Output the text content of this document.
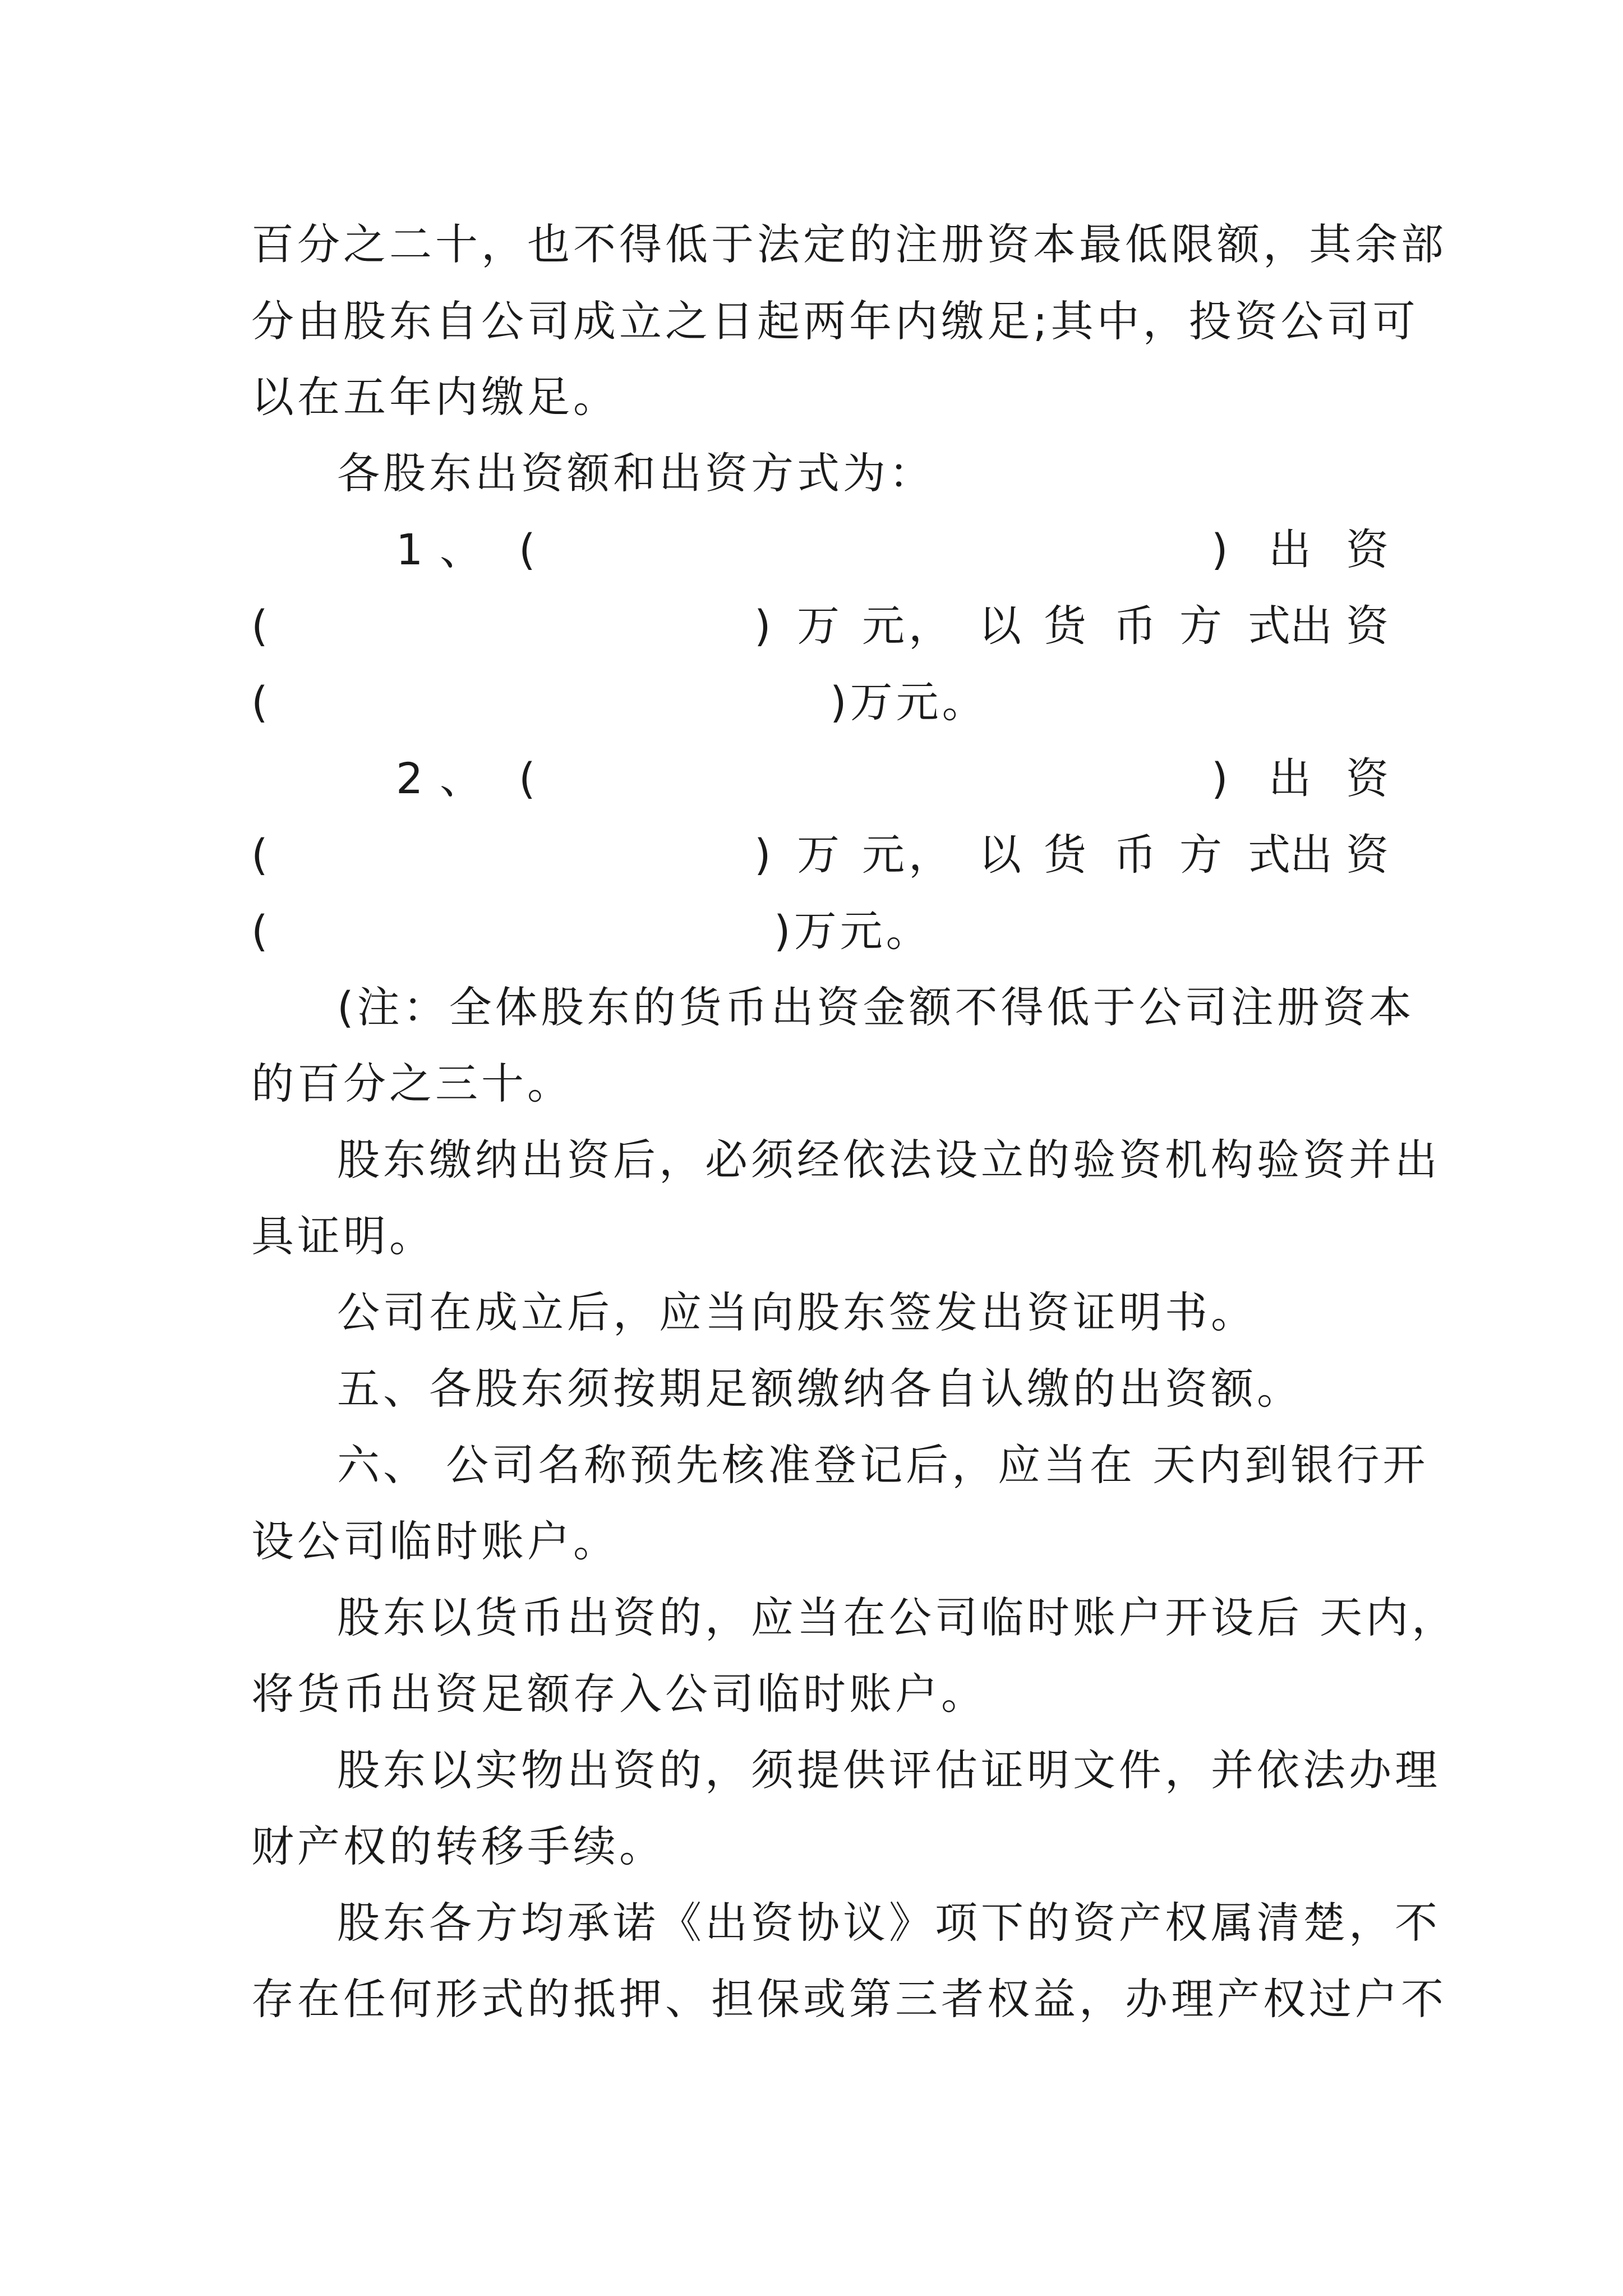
百分之二十，也不得低于法定的注册资本最低限额，其余部
分由股东自公司成立之日起两年内缴足;其中，投资公司可
以在五年内缴足。
各股东出资额和出资方式为：
1 、 (	) 出 资
(	) 万 元 ， 以 货 币 方 式 出 资
(	)万元。
2 、 (	) 出 资
(	) 万 元 ， 以 货 币 方 式 出 资
(	)万元。
(注：全体股东的货币出资金额不得低于公司注册资本
的百分之三十。
股东缴纳出资后，必须经依法设立的验资机构验资并出
具证明。
公司在成立后，应当向股东签发出资证明书。
五、各股东须按期足额缴纳各自认缴的出资额。
六、 公司名称预先核准登记后，应当在 天内到银行开
设公司临时账户。
股东以货币出资的，应当在公司临时账户开设后 天内，
将货币出资足额存入公司临时账户。
股东以实物出资的，须提供评估证明文件，并依法办理
财产权的转移手续。
股东各方均承诺《出资协议》项下的资产权属清楚，不
存在任何形式的抵押、担保或第三者权益，办理产权过户不
